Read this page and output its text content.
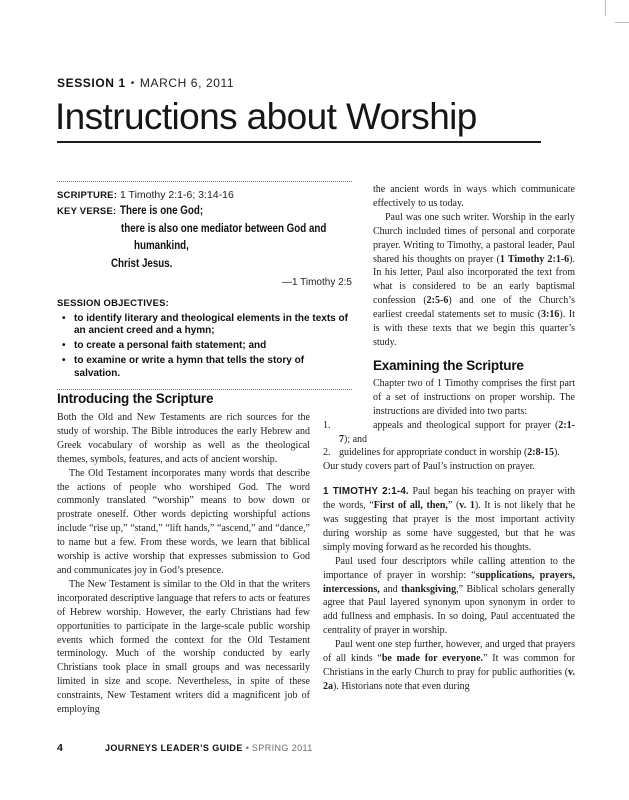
SESSION 1 • MARCH 6, 2011
Instructions about Worship
SCRIPTURE: 1 Timothy 2:1-6; 3:14-16
KEY VERSE: There is one God;
there is also one mediator between God and
humankind,
Christ Jesus.
—1 Timothy 2:5
SESSION OBJECTIVES:
• to identify literary and theological elements in the texts of an ancient creed and a hymn;
• to create a personal faith statement; and
• to examine or write a hymn that tells the story of salvation.
Introducing the Scripture

Both the Old and New Testaments are rich sources for the study of worship. The Bible introduces the early Hebrew and Greek vocabulary of worship as well as the theological themes, symbols, features, and acts of ancient worship.

The Old Testament incorporates many words that describe the actions of people who worshiped God. The word commonly translated “worship” means to bow down or prostrate oneself. Other words depicting worshipful actions include “rise up,” “stand,” “lift hands,” “ascend,” and “dance,” to name but a few. From these words, we learn that biblical worship is active worship that expresses submission to God and communicates joy in God’s presence.

The New Testament is similar to the Old in that the writers incorporated descriptive language that refers to acts or features of Hebrew worship. However, the early Christians had few opportunities to participate in the large-scale public worship events which formed the context for the Old Testament terminology. Much of the worship conducted by early Christians took place in small groups and was necessarily limited in size and scope. Nevertheless, in spite of these constraints, New Testament writers did a magnificent job of employing

the ancient words in ways which communicate effectively to us today.

Paul was one such writer. Worship in the early Church included times of personal and corporate prayer. Writing to Timothy, a pastoral leader, Paul shared his thoughts on prayer (1 Timothy 2:1-6). In his letter, Paul also incorporated the text from what is considered to be an early baptismal confession (2:5-6) and one of the Church’s earliest creedal statements set to music (3:16). It is with these texts that we begin this quarter’s study.

Examining the Scripture

Chapter two of 1 Timothy comprises the first part of a set of instructions on proper worship. The instructions are divided into two parts:

1.	appeals and theological support for prayer (2:1-7); and

2. guidelines for appropriate conduct in worship (2:8-15).

Our study covers part of Paul’s instruction on prayer.

1 TIMOTHY 2:1-4. Paul began his teaching on prayer with the words, “First of all, then,” (v. 1). It is not likely that he was suggesting that prayer is the most important activity during worship as some have suggested, but that he was simply moving forward as he recorded his thoughts.

Paul used four descriptors while calling attention to the importance of prayer in worship: “supplications, prayers, intercessions, and thanksgiving,” Biblical scholars generally agree that Paul layered synonym upon synonym in order to add fullness and emphasis. In so doing, Paul accentuated the centrality of prayer in worship.

Paul went one step further, however, and urged that prayers of all kinds “be made for everyone.” It was common for Christians in the early Church to pray for public authorities (v. 2a). Historians note that even during

4	JOURNEYS LEADER’S GUIDE • SPRING 2011
